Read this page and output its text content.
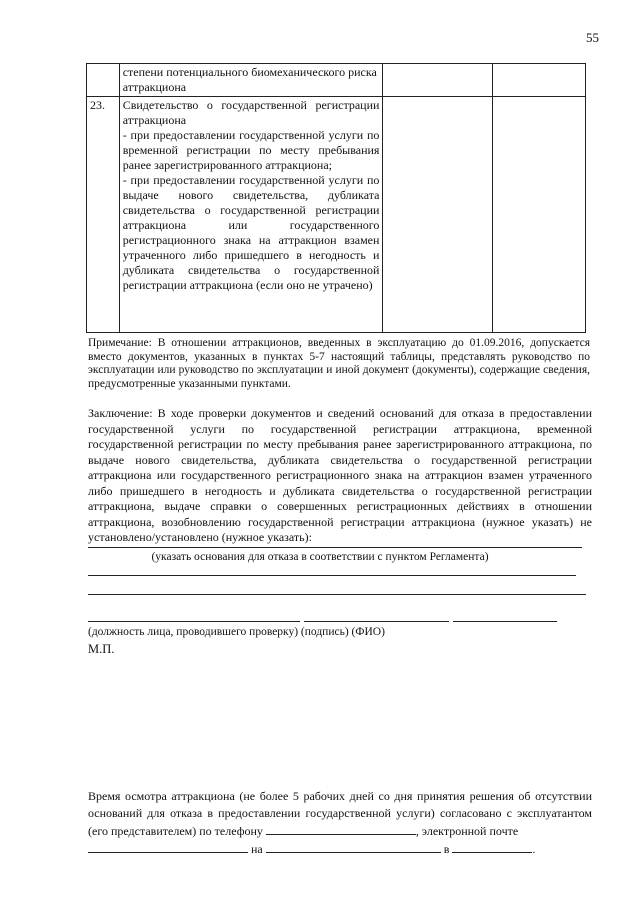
55
	степени потенциального биомеханического риска аттракциона		
23.	Свидетельство о государственной регистрации аттракциона
- при предоставлении государственной услуги по временной регистрации по месту пребывания ранее зарегистрированного аттракциона;
- при предоставлении государственной услуги по выдаче нового свидетельства, дубликата свидетельства о государственной регистрации аттракциона или государственного регистрационного знака на аттракцион взамен утраченного либо пришедшего в негодность и дубликата свидетельства о государственной регистрации аттракциона (если оно не утрачено)		

Примечание: В отношении аттракционов, введенных в эксплуатацию до 01.09.2016, допускается вместо документов, указанных в пунктах 5-7 настоящий таблицы, представлять руководство по эксплуатации или руководство по эксплуатации и иной документ (документы), содержащие сведения, предусмотренные указанными пунктами.
Заключение: В ходе проверки документов и сведений оснований для отказа в предоставлении государственной услуги по государственной регистрации аттракциона, временной государственной регистрации по месту пребывания ранее зарегистрированного аттракциона, по выдаче нового свидетельства, дубликата свидетельства о государственной регистрации аттракциона или государственного регистрационного знака на аттракцион взамен утраченного либо пришедшего в негодность и дубликата свидетельства о государственной регистрации аттракциона, выдаче справки о совершенных регистрационных действиях в отношении аттракциона, возобновлению государственной регистрации аттракциона (нужное указать) не установлено/установлено (нужное указать):
(указать основания для отказа в соответствии с пунктом Регламента)
(должность лица, проводившего проверку) (подпись) (ФИО)
М.П.
Время осмотра аттракциона (не более 5 рабочих дней со дня принятия решения об отсутствии оснований для отказа в предоставлении государственной услуги) согласовано с эксплуатантом (его представителем) по телефону	, электронной почте
на	в	.
